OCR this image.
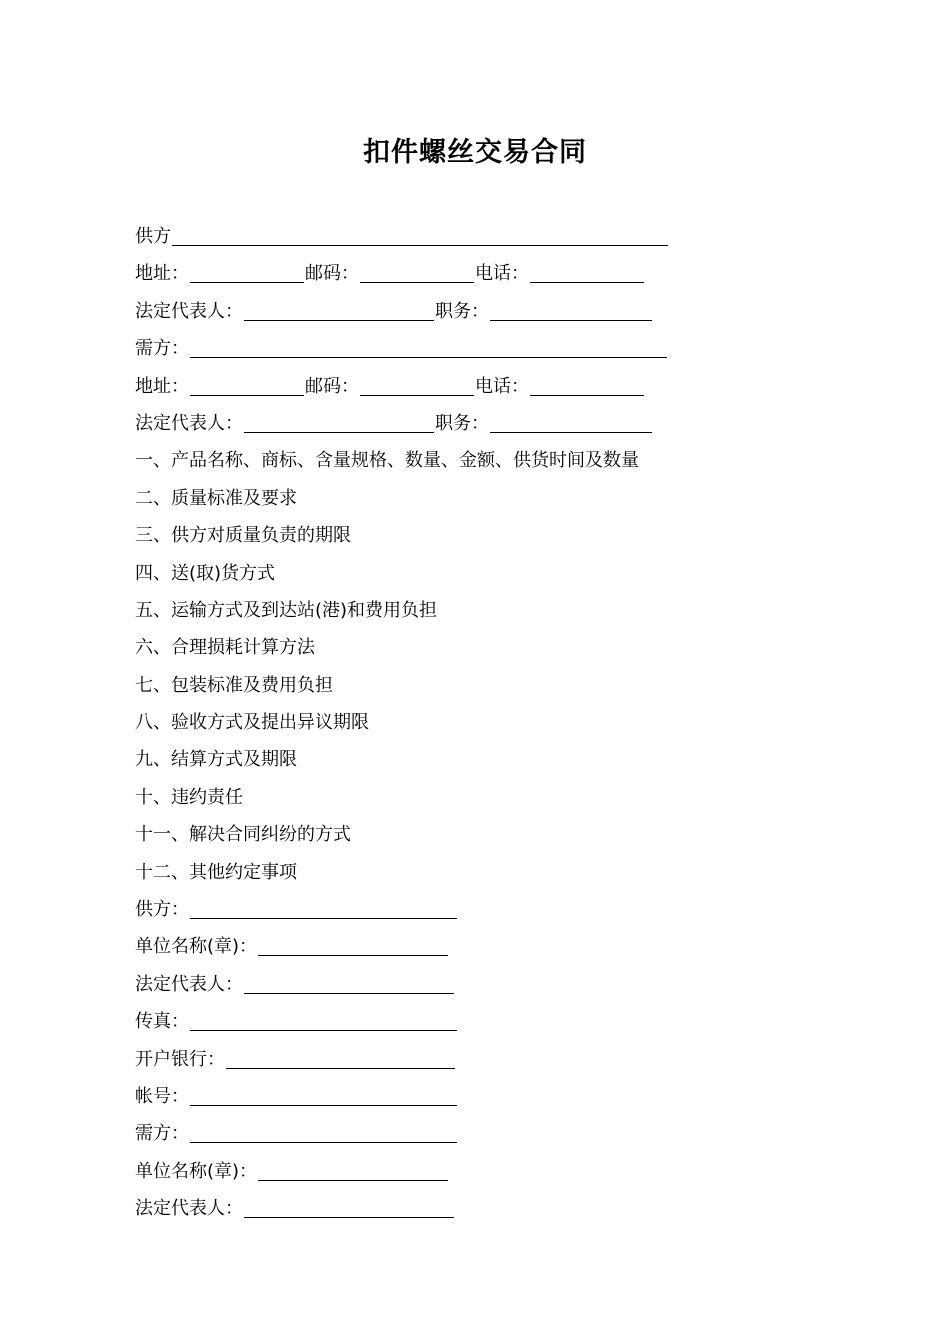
扣件螺丝交易合同
供方
地址：	邮码：	电话：
法定代表人：	职务：
需方：
地址：	邮码：	电话：
法定代表人：	职务：
一、产品名称、商标、含量规格、数量、金额、供货时间及数量
二、质量标准及要求
三、供方对质量负责的期限
四、送(取)货方式
五、运输方式及到达站(港)和费用负担
六、合理损耗计算方法
七、包装标准及费用负担
八、验收方式及提出异议期限
九、结算方式及期限
十、违约责任
十一、解决合同纠纷的方式
十二、其他约定事项
供方：
单位名称(章)：
法定代表人：
传真：
开户银行：
帐号：
需方：
单位名称(章)：
法定代表人：
